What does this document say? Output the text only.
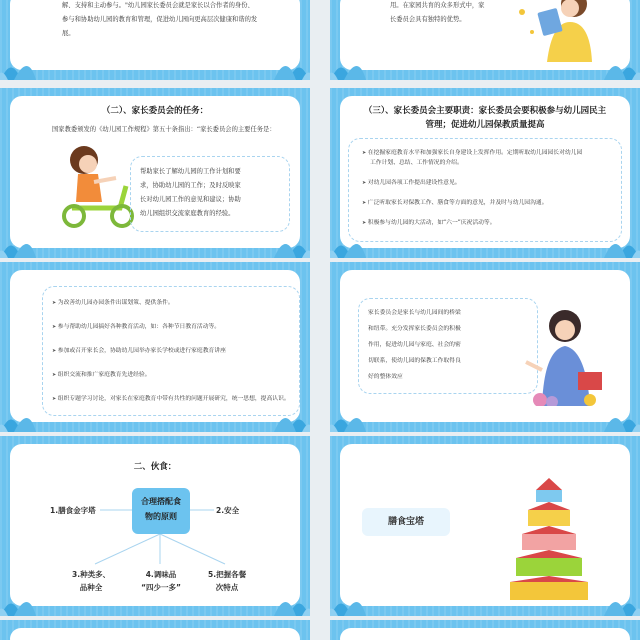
解、支持和主动参与。"幼儿园家长委员会就是家长以合作者的身份、
参与和协助幼儿园的教育和管理，促进幼儿园向更高层次健康和谐的发
展。
用。在家园共育的众多形式中，家
长委员会具有独特的优势。
（二）、家长委员会的任务：
国家教委颁发的《幼儿园工作规程》第五十条指出：“家长委员会的主要任务是：
帮助家长了解幼儿园的工作计划和要
求，协助幼儿园的工作；及时反映家
长对幼儿园工作的意见和建议；协助
幼儿园组织交流家庭教育的经验。
（三）、家长委员会主要职责：家长委员会要积极参与幼儿园民主
管理；促进幼儿园保教质量提高
➤ 在挖掘家庭教育水平和加强家长自身建设上发挥作用。定期听取幼儿园园长对幼儿园
工作计划、总结、工作情况的介绍。
➤ 对幼儿园各项工作提出建设性意见。
➤ 广泛听取家长对保教工作、膳食等方面的意见，并及时与幼儿园沟通。
➤ 积极参与幼儿园的大活动，如“六一”庆祝活动等。
➤ 为改善幼儿园办园条件出谋划策、提供条件。
➤ 参与帮助幼儿园搞好各种教育活动，如：各种节日教育活动等。
➤ 参加或召开家长会，协助幼儿园举办家长学校或进行家庭教育讲座
➤ 组织交流和推广家庭教育先进经验。
➤ 组织专题学习讨论，对家长在家庭教育中带有共性的问题开展研究，统一思想，提高认识。
家长委员会是家长与幼儿园间的桥梁
和纽带。充分发挥家长委员会的积极
作用，促进幼儿园与家庭、社会的密
切联系，使幼儿园的保教工作取得良
好的整体效应
二、伙食：
合理搭配食
物的原则
1.膳食金字塔	2.安全
3.种类多、
品种全
4.调味品
“四少一多”
5.把握各餐
次特点
膳食宝塔
